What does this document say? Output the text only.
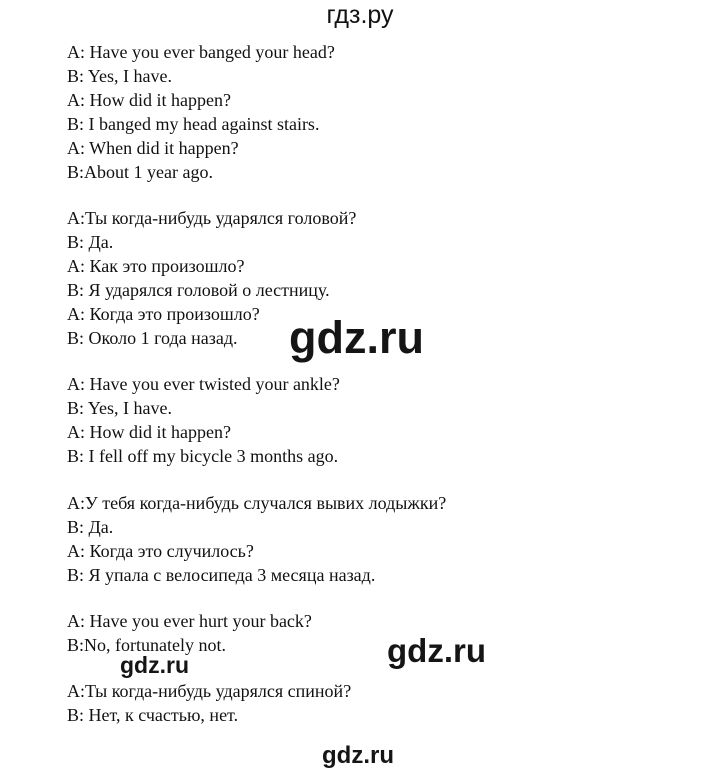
гдз.ру
A: Have you ever banged your head?
B: Yes, I have.
A: How did it happen?
B: I banged my head against stairs.
A: When did it happen?
B:About 1 year ago.
A:Ты когда-нибудь ударялся головой?
B: Да.
A: Как это произошло?
B: Я ударялся головой о лестницу.
A: Когда это произошло?
B: Около 1 года назад.
A: Have you ever twisted your ankle?
B: Yes, I have.
A: How did it happen?
B: I fell off my bicycle 3 months ago.
A:У тебя когда-нибудь случался вывих лодыжки?
B: Да.
A: Когда это случилось?
B: Я упала с велосипеда 3 месяца назад.
A: Have you ever hurt your back?
B:No, fortunately not.
A:Ты когда-нибудь ударялся спиной?
B: Нет, к счастью, нет.
gdz.ru
gdz.ru
gdz.ru
gdz.ru
